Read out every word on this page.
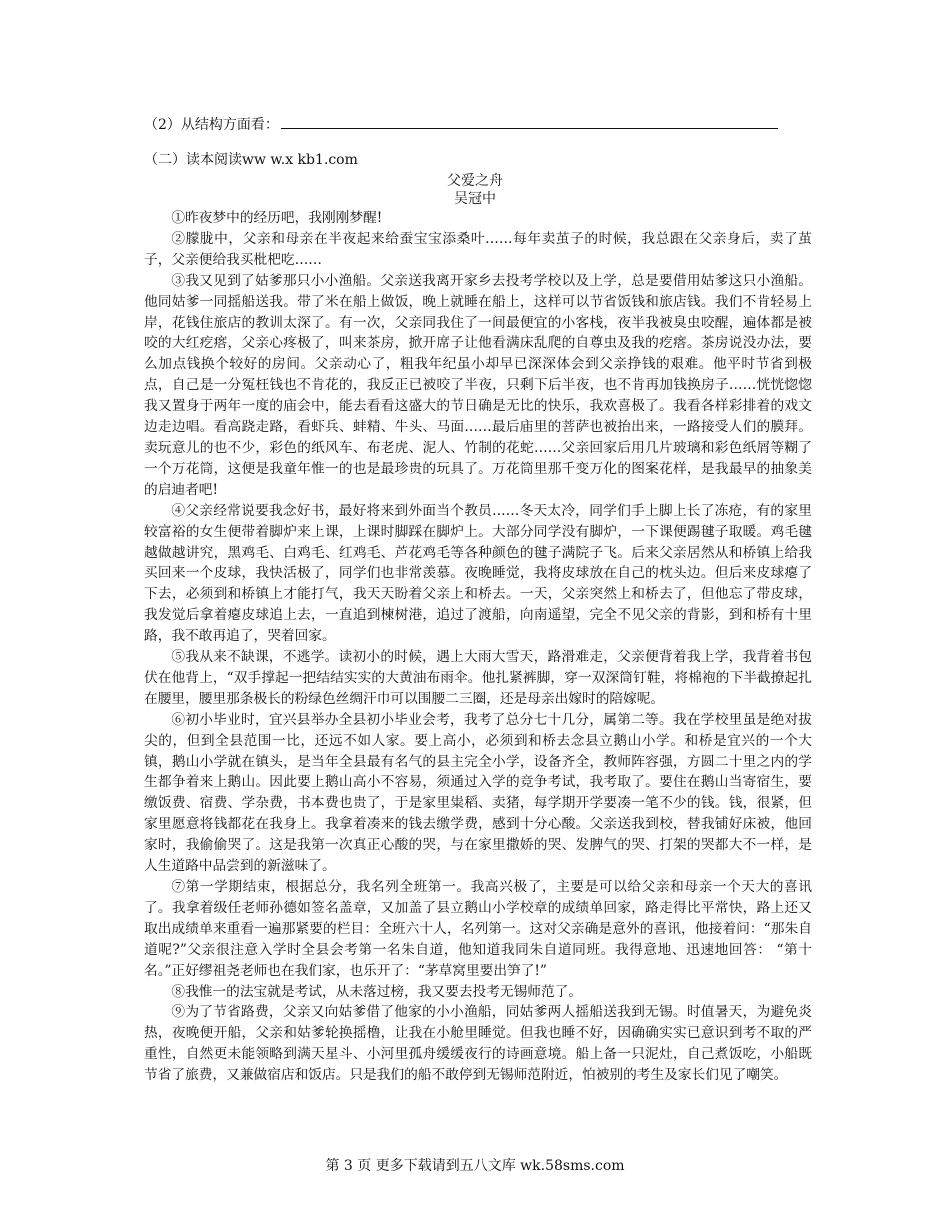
（2）从结构方面看：
（二）读本阅读ww w.x kb1.com
父爱之舟
吴冠中

①昨夜梦中的经历吧，我刚刚梦醒!

②朦胧中，父亲和母亲在半夜起来给蚕宝宝添桑叶……每年卖茧子的时候，我总跟在父亲身后，卖了茧子，父亲便给我买枇杷吃……

③我又见到了姑爹那只小小渔船。父亲送我离开家乡去投考学校以及上学，总是要借用姑爹这只小渔船。他同姑爹一同摇船送我。带了米在船上做饭，晚上就睡在船上，这样可以节省饭钱和旅店钱。我们不肯轻易上岸，花钱住旅店的教训太深了。有一次，父亲同我住了一间最便宜的小客栈，夜半我被臭虫咬醒，遍体都是被咬的大红疙瘩，父亲心疼极了，叫来茶房，掀开席子让他看满床乱爬的自尊虫及我的疙瘩。茶房说没办法，要么加点钱换个较好的房间。父亲动心了，粗我年纪虽小却早已深深体会到父亲挣钱的艰难。他平时节省到极点，自己是一分冤枉钱也不肯花的，我反正已被咬了半夜，只剩下后半夜，也不肯再加钱换房子……恍恍惚惚我又置身于两年一度的庙会中，能去看看这盛大的节日确是无比的快乐，我欢喜极了。我看各样彩排着的戏文边走边唱。看高跷走路，看虾兵、蚌精、牛头、马面……最后庙里的菩萨也被抬出来，一路接受人们的膜拜。卖玩意儿的也不少，彩色的纸风车、布老虎、泥人、竹制的花蛇……父亲回家后用几片玻璃和彩色纸屑等糊了一个万花筒，这便是我童年惟一的也是最珍贵的玩具了。万花筒里那千变万化的图案花样，是我最早的抽象美的启迪者吧!

④父亲经常说要我念好书，最好将来到外面当个教员……冬天太冷，同学们手上脚上长了冻疮，有的家里较富裕的女生便带着脚炉来上课，上课时脚踩在脚炉上。大部分同学没有脚炉，一下课便踢毽子取暖。鸡毛毽越做越讲究，黑鸡毛、白鸡毛、红鸡毛、芦花鸡毛等各种颜色的毽子满院子飞。后来父亲居然从和桥镇上给我买回来一个皮球，我快活极了，同学们也非常羡慕。夜晚睡觉，我将皮球放在自己的枕头边。但后来皮球瘪了下去，必须到和桥镇上才能打气，我天天盼着父亲上和桥去。一天，父亲突然上和桥去了，但他忘了带皮球，我发觉后拿着瘪皮球追上去，一直追到楝树港，追过了渡船，向南遥望，完全不见父亲的背影，到和桥有十里路，我不敢再追了，哭着回家。

⑤我从来不缺课，不逃学。读初小的时候，遇上大雨大雪天，路滑难走，父亲便背着我上学，我背着书包伏在他背上，“双手撑起一把结结实实的大黄油布雨伞。他扎紧裤脚，穿一双深筒钉鞋，将棉袍的下半截撩起扎在腰里，腰里那条极长的粉绿色丝绸汗巾可以围腰二三圈，还是母亲出嫁时的陪嫁呢。

⑥初小毕业时，宜兴县举办全县初小毕业会考，我考了总分七十几分，属第二等。我在学校里虽是绝对拔尖的，但到全县范围一比，还远不如人家。要上高小，必须到和桥去念县立鹅山小学。和桥是宜兴的一个大镇，鹅山小学就在镇头，是当年全县最有名气的县主完全小学，设备齐全，教师阵容强，方圆二十里之内的学生都争着来上鹅山。因此要上鹅山高小不容易，须通过入学的竞争考试，我考取了。要住在鹅山当寄宿生，要缴饭费、宿费、学杂费，书本费也贵了，于是家里粜稻、卖猪，每学期开学要凑一笔不少的钱。钱，很紧，但家里愿意将钱都花在我身上。我拿着凑来的钱去缴学费，感到十分心酸。父亲送我到校，替我铺好床被，他回家时，我偷偷哭了。这是我第一次真正心酸的哭，与在家里撒娇的哭、发脾气的哭、打架的哭都大不一样，是人生道路中品尝到的新滋味了。

⑦第一学期结束，根据总分，我名列全班第一。我高兴极了，主要是可以给父亲和母亲一个天大的喜讯了。我拿着级任老师孙德如签名盖章，又加盖了县立鹅山小学校章的成绩单回家，路走得比平常快，路上还又取出成绩单来重看一遍那紧要的栏目：全班六十人，名列第一。这对父亲确是意外的喜讯，他接着问：“那朱自道呢?”父亲很注意入学时全县会考第一名朱自道，他知道我同朱自道同班。我得意地、迅速地回答： “第十名。”正好缪祖尧老师也在我们家，也乐开了：“茅草窝里要出笋了!”

⑧我惟一的法宝就是考试，从未落过榜，我又要去投考无锡师范了。

⑨为了节省路费，父亲又向姑爹借了他家的小小渔船，同姑爹两人摇船送我到无锡。时值暑天，为避免炎热，夜晚便开船，父亲和姑爹轮换摇橹，让我在小舱里睡觉。但我也睡不好，因确确实实已意识到考不取的严重性，自然更未能领略到满天星斗、小河里孤舟缓缓夜行的诗画意境。船上备一只泥灶，自己煮饭吃，小船既节省了旅费，又兼做宿店和饭店。只是我们的船不敢停到无锡师范附近，怕被别的考生及家长们见了嘲笑。

第 3 页 更多下载请到五八文库 wk.58sms.com
